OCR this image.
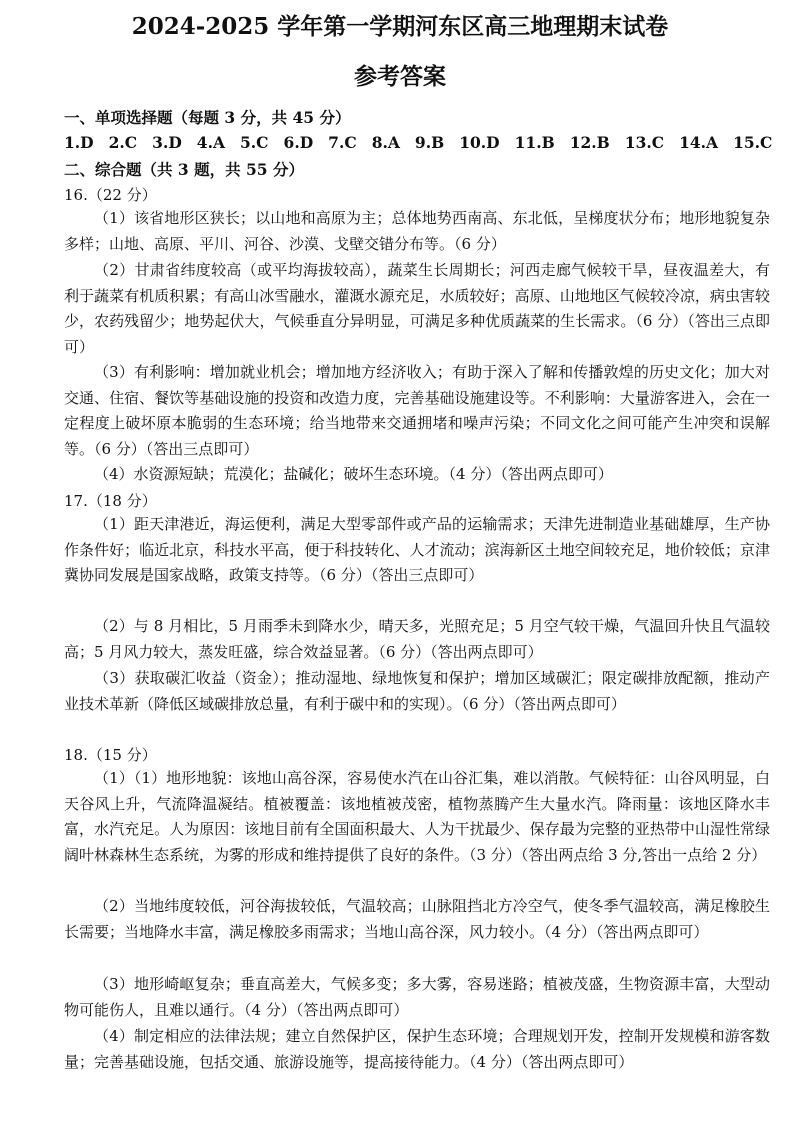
2024-2025 学年第一学期河东区高三地理期末试卷
参考答案
一、单项选择题（每题 3 分，共 45 分）
1.D 2.C 3.D 4.A 5.C 6.D 7.C 8.A 9.B 10.D 11.B 12.B 13.C 14.A 15.C
二、综合题（共 3 题，共 55 分）
16.（22 分）
（1）该省地形区狭长；以山地和高原为主；总体地势西南高、东北低，呈梯度状分布；地形地貌复杂多样；山地、高原、平川、河谷、沙漠、戈壁交错分布等。（6 分）
（2）甘肃省纬度较高（或平均海拔较高），蔬菜生长周期长；河西走廊气候较干旱，昼夜温差大，有利于蔬菜有机质积累；有高山冰雪融水，灌溉水源充足，水质较好；高原、山地地区气候较冷凉，病虫害较少，农药残留少；地势起伏大，气候垂直分异明显，可满足多种优质蔬菜的生长需求。（6 分）（答出三点即可）
（3）有利影响：增加就业机会；增加地方经济收入；有助于深入了解和传播敦煌的历史文化；加大对交通、住宿、餐饮等基础设施的投资和改造力度，完善基础设施建设等。不利影响：大量游客进入，会在一定程度上破坏原本脆弱的生态环境；给当地带来交通拥堵和噪声污染；不同文化之间可能产生冲突和误解等。（6 分）（答出三点即可）
（4）水资源短缺；荒漠化；盐碱化；破坏生态环境。（4 分）（答出两点即可）
17.（18 分）
（1）距天津港近，海运便利，满足大型零部件或产品的运输需求；天津先进制造业基础雄厚，生产协作条件好；临近北京，科技水平高，便于科技转化、人才流动；滨海新区土地空间较充足，地价较低；京津冀协同发展是国家战略，政策支持等。（6 分）（答出三点即可）
（2）与 8 月相比，5 月雨季未到降水少，晴天多，光照充足；5 月空气较干燥，气温回升快且气温较高；5 月风力较大，蒸发旺盛，综合效益显著。（6 分）（答出两点即可）
（3）获取碳汇收益（资金）；推动湿地、绿地恢复和保护；增加区域碳汇；限定碳排放配额，推动产业技术革新（降低区域碳排放总量，有利于碳中和的实现）。（6 分）（答出两点即可）
18.（15 分）
（1）（1）地形地貌：该地山高谷深，容易使水汽在山谷汇集，难以消散。气候特征：山谷风明显，白天谷风上升，气流降温凝结。植被覆盖：该地植被茂密，植物蒸腾产生大量水汽。降雨量：该地区降水丰富，水汽充足。人为原因：该地目前有全国面积最大、人为干扰最少、保存最为完整的亚热带中山湿性常绿阔叶林森林生态系统，为雾的形成和维持提供了良好的条件。（3 分）（答出两点给 3 分,答出一点给 2 分）
（2）当地纬度较低，河谷海拔较低，气温较高；山脉阻挡北方冷空气，使冬季气温较高，满足橡胶生长需要；当地降水丰富，满足橡胶多雨需求；当地山高谷深，风力较小。（4 分）（答出两点即可）
（3）地形崎岖复杂；垂直高差大，气候多变；多大雾，容易迷路；植被茂盛，生物资源丰富，大型动物可能伤人，且难以通行。（4 分）（答出两点即可）
（4）制定相应的法律法规；建立自然保护区，保护生态环境；合理规划开发，控制开发规模和游客数量；完善基础设施，包括交通、旅游设施等，提高接待能力。（4 分）（答出两点即可）
